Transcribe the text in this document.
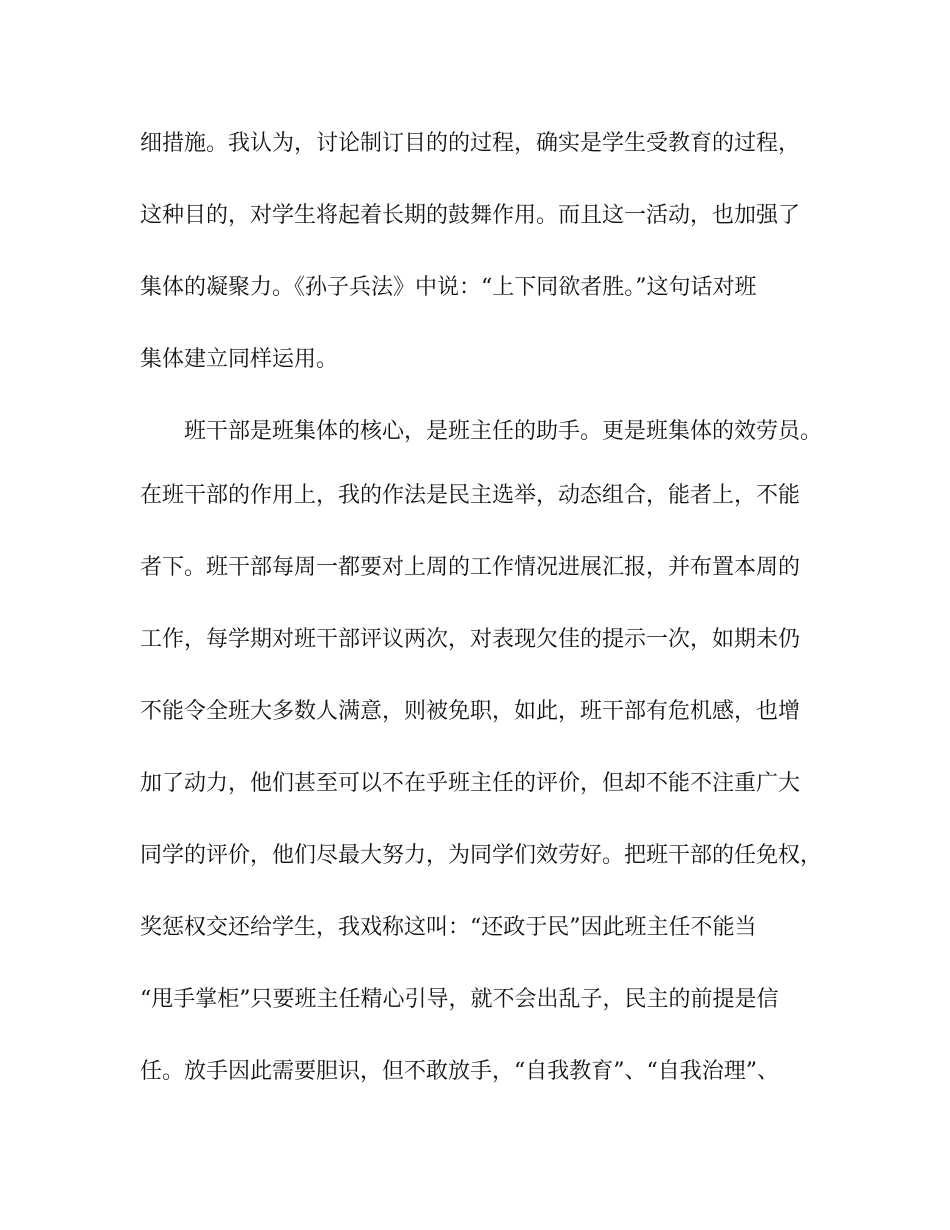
细措施。我认为，讨论制订目的的过程，确实是学生受教育的过程，
这种目的，对学生将起着长期的鼓舞作用。而且这一活动，也加强了
集体的凝聚力。《孙子兵法》中说：“上下同欲者胜。”这句话对班
集体建立同样运用。
班干部是班集体的核心，是班主任的助手。更是班集体的效劳员。
在班干部的作用上，我的作法是民主选举，动态组合，能者上，不能
者下。班干部每周一都要对上周的工作情况进展汇报，并布置本周的
工作，每学期对班干部评议两次，对表现欠佳的提示一次，如期未仍
不能令全班大多数人满意，则被免职，如此，班干部有危机感，也增
加了动力，他们甚至可以不在乎班主任的评价，但却不能不注重广大
同学的评价，他们尽最大努力，为同学们效劳好。把班干部的任免权，
奖惩权交还给学生，我戏称这叫：“还政于民”因此班主任不能当
“甩手掌柜”只要班主任精心引导，就不会出乱子，民主的前提是信
任。放手因此需要胆识，但不敢放手，“自我教育”、“自我治理”、
